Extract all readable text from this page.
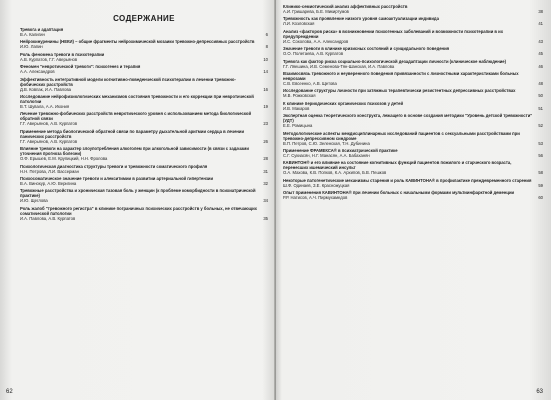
СОДЕРЖАНИЕ
Тревога и адаптация
В.А. Калигин	6
Нейрокинуренины (НЕКИ) – общие фрагменты нейрохимической мозаики тревожно-депрессивных расстройств
И.Ю. Лапин	8
Роль феномена тревоги в психотерапии
А.В. Курпатов, Г.Г. Аверьянов	10
Феномен "невротической тревоги": психогенез и терапия
А.А. Александров	14
Эффективность интегративной модели когнитивно-поведенческой психотерапии в лечении тревожно-фобических расстройств
Д.В. Ковпак, И.А. Павлова	16
Исследование нейрофизиологических механизмов состояния тревожности и его коррекции при невротической патологии
В.Т. Шувала, А.А. Икония	19
Лечение тревожно-фобических расстройств невротического уровня с использованием метода биологической обратной связи
Г.Г. Аверьянов, А.В. Курпатов	23
Применение метода биологической обратной связи по параметру дыхательной аритмии сердца в лечении панических расстройств
Г.Г. Аверьянов, А.В. Курпатов	26
Влияние тревоги на характер злоупотребления алкоголем при алкогольной зависимости (в связи с задачами уточнения прогноза болезни)
О.Ф. Ерышев, Е.М. Крупицкий, Н.Н. Фролова	28
Психологическая диагностика структуры тревоги и тревожности соматического профиля
Н.Н. Петрова, Л.И. Вассерман	31
Психосоматическое значение тревоги и алекситимии в развитии артериальной гипертензии
В.А. Винокур, А.Ю. Веригина	32
Тревожные расстройства и хроническая тазовая боль у женщин (к проблеме коморбидности в психиатрической практике)
И.Ю. Щеглова	34
Роль жалоб "тревожного регистра" в клинике пограничных психических расстройств у больных, не отвечающих соматической патологии
И.А. Павлова, А.В. Курпатов	35
62
Клинико-семиотический анализ аффективных расстройств
А.И. Гришарева, Б.Е. Микиртумов	38
Тревожность как проявление низкого уровня самоактуализации индивида
Л.И. Козловская	41
Анализ «факторов риска» в возникновении психогенных заболеваний и возможности психотерапии в их предупреждении
И.С. Соколова, А.А. Александров	43
Значение тревоги в клинике кризисных состояний и суицидального поведения
О.О. Полетаева, А.В. Курпатов	45
Тревога как фактор риска социально-психологической дезадаптации личности (клиническое наблюдение)
Г.Г. Ляешина, И.В. Семенова-Тян-Шанская, И.А. Павлова	46
Взаимосвязь тревожного и неуверенного поведения привязанности с личностными характеристиками больных неврозами
С.В. Евсеенко, А.В. Щетова	48
Исследование структуры личности при затяжных терапевтически резистентных депрессивных расстройствах
М.В. Рожковская	50
К клинике периодических органических психозов у детей
И.В. Макаров	51
Экспертная оценка теоретического конструкта, лежащего в основе создания методики "Уровень детской тревожности" (УДТ)
Е.Е. Ромицына	52
Методологические аспекты междисциплинарных исследований пациентов с сексуальными расстройствами при тревожно-депрессивном синдроме
В.П. Петров, С.Ю. Зеленская, Т.Н. Дубинина	53
Применение ФРАМЕКСА® в психиатрической практике
С.Г. Сукиасян, Н.Г. Манасян, А.А. Бабаханян	56
КАВИНТОН® и его влияние на состояние когнитивных функций пациентов пожилого и старческого возраста, перенесших ишемический инсульт
О.А. Махова, К.В. Попков, К.А. Архипов, Б.В. Пешков	58
Некоторые патогенетические механизмы старения и роль КАВИНТОНА® в профилактике преждевременного старения
Ш.Ф. Одинаев, З.Е. Красножуцкая	59
Опыт применения КАВИНТОНА® при лечении больных с начальными формами мультиинфарктной деменции
Р.Р. Натисов, А.Ч. Пирмухамедов	60
63
